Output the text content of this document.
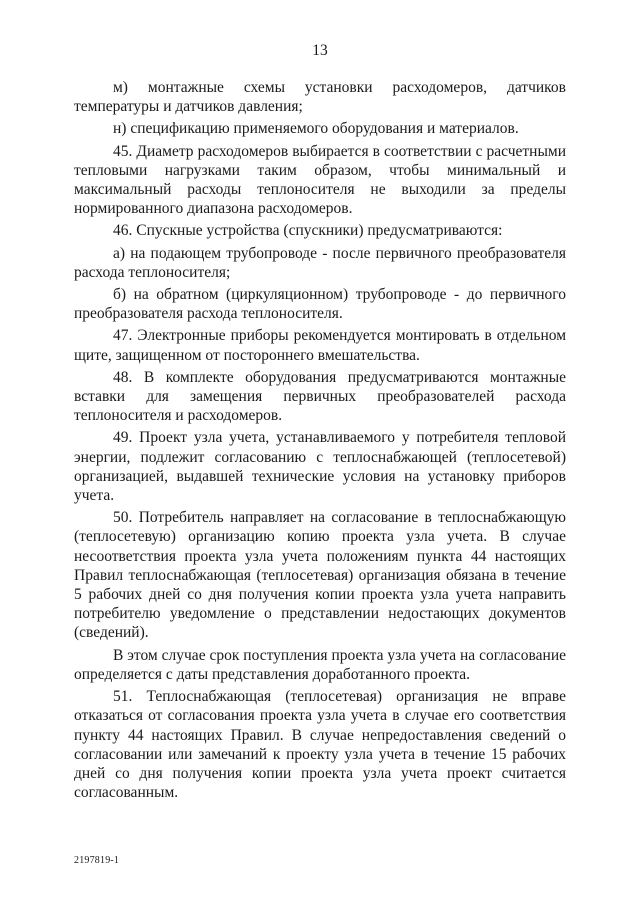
13

м) монтажные схемы установки расходомеров, датчиков температуры и датчиков давления;

н) спецификацию применяемого оборудования и материалов.

45. Диаметр расходомеров выбирается в соответствии с расчетными тепловыми нагрузками таким образом, чтобы минимальный и максимальный расходы теплоносителя не выходили за пределы нормированного диапазона расходомеров.

46. Спускные устройства (спускники) предусматриваются:

а) на подающем трубопроводе - после первичного преобразователя расхода теплоносителя;

б) на обратном (циркуляционном) трубопроводе - до первичного преобразователя расхода теплоносителя.

47. Электронные приборы рекомендуется монтировать в отдельном щите, защищенном от постороннего вмешательства.

48. В комплекте оборудования предусматриваются монтажные вставки для замещения первичных преобразователей расхода теплоносителя и расходомеров.

49. Проект узла учета, устанавливаемого у потребителя тепловой энергии, подлежит согласованию с теплоснабжающей (теплосетевой) организацией, выдавшей технические условия на установку приборов учета.

50. Потребитель направляет на согласование в теплоснабжающую (теплосетевую) организацию копию проекта узла учета. В случае несоответствия проекта узла учета положениям пункта 44 настоящих Правил теплоснабжающая (теплосетевая) организация обязана в течение 5 рабочих дней со дня получения копии проекта узла учета направить потребителю уведомление о представлении недостающих документов (сведений).

В этом случае срок поступления проекта узла учета на согласование определяется с даты представления доработанного проекта.

51. Теплоснабжающая (теплосетевая) организация не вправе отказаться от согласования проекта узла учета в случае его соответствия пункту 44 настоящих Правил. В случае непредоставления сведений о согласовании или замечаний к проекту узла учета в течение 15 рабочих дней со дня получения копии проекта узла учета проект считается согласованным.

2197819-1
